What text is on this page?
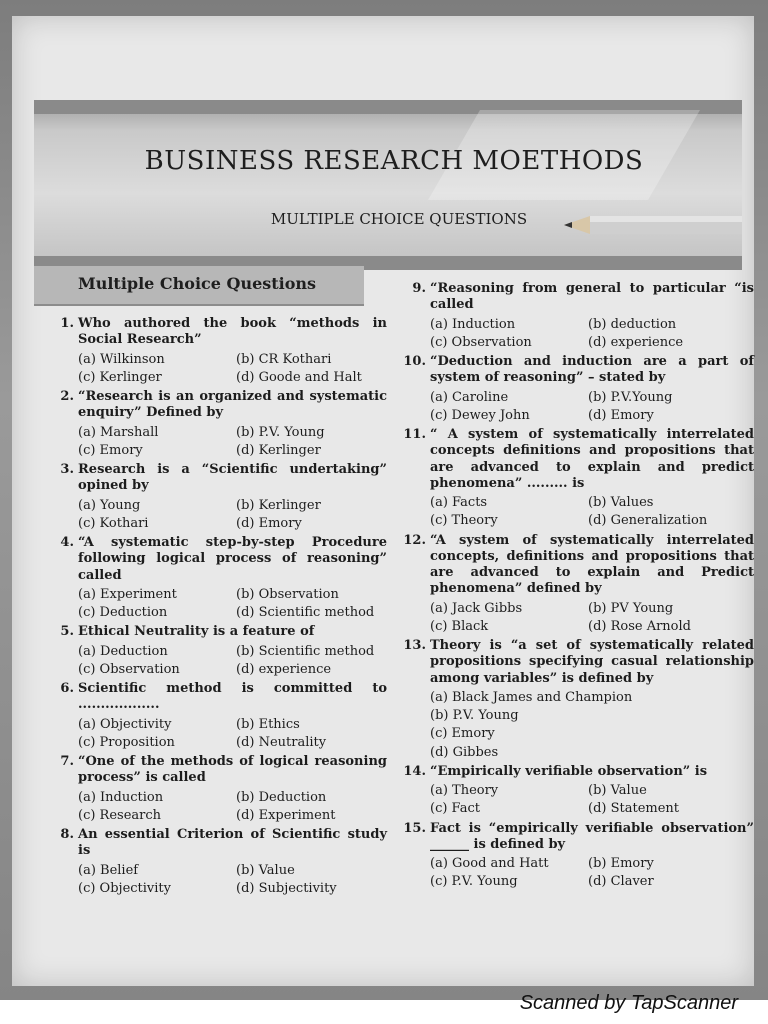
BUSINESS RESEARCH MOETHODS
MULTIPLE CHOICE QUESTIONS
Multiple Choice Questions
1. Who authored the book “methods in Social Research”
(a) Wilkinson	(b) CR Kothari
(c) Kerlinger	(d) Goode and Halt
2. “Research is an organized and systematic enquiry” Defined by
(a) Marshall	(b) P.V. Young
(c) Emory	(d) Kerlinger
3. Research is a “Scientific undertaking” opined by
(a) Young	(b) Kerlinger
(c) Kothari	(d) Emory
4. “A systematic step-by-step Procedure following logical process of reasoning” called
(a) Experiment	(b) Observation
(c) Deduction	(d) Scientific method
5. Ethical Neutrality is a feature of
(a) Deduction	(b) Scientific method
(c) Observation	(d) experience
6. Scientific method is committed to ..................
(a) Objectivity	(b) Ethics
(c) Proposition	(d) Neutrality
7. “One of the methods of logical reasoning process” is called
(a) Induction	(b) Deduction
(c) Research	(d) Experiment
8. An essential Criterion of Scientific study is
(a) Belief	(b) Value
(c) Objectivity	(d) Subjectivity
9. “Reasoning from general to particular “is called
(a) Induction	(b) deduction
(c) Observation	(d) experience
10. “Deduction and induction are a part of system of reasoning” – stated by
(a) Caroline	(b) P.V.Young
(c) Dewey John	(d) Emory
11. “ A system of systematically interrelated concepts definitions and propositions that are advanced to explain and predict phenomena” ......... is
(a) Facts	(b) Values
(c) Theory	(d) Generalization
12. “A system of systematically interrelated concepts, definitions and propositions that are advanced to explain and Predict phenomena” defined by
(a) Jack Gibbs	(b) PV Young
(c) Black	(d) Rose Arnold
13. Theory is “a set of systematically related propositions specifying casual relationship among variables” is defined by
(a) Black James and Champion
(b) P.V. Young
(c) Emory
(d) Gibbes
14. “Empirically verifiable observation” is
(a) Theory	(b) Value
(c) Fact	(d) Statement
15. Fact is “empirically verifiable observation” ______ is defined by
(a) Good and Hatt	(b) Emory
(c) P.V. Young	(d) Claver
Scanned by TapScanner
